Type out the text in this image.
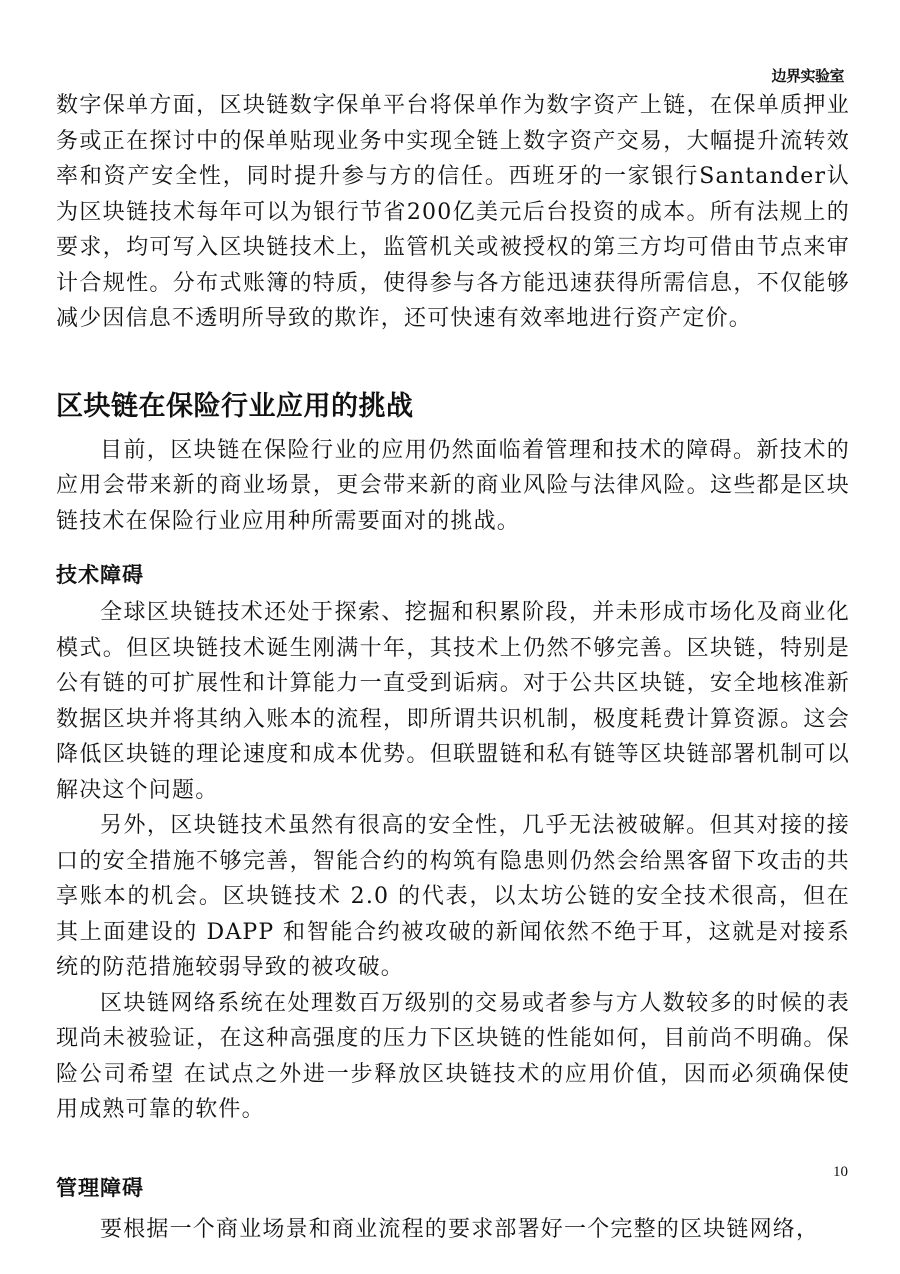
边界实验室

数字保单方面，区块链数字保单平台将保单作为数字资产上链，在保单质押业务或正在探讨中的保单贴现业务中实现全链上数字资产交易，大幅提升流转效率和资产安全性，同时提升参与方的信任。西班牙的一家银行Santander认为区块链技术每年可以为银行节省200亿美元后台投资的成本。所有法规上的要求，均可写入区块链技术上，监管机关或被授权的第三方均可借由节点来审计合规性。分布式账簿的特质，使得参与各方能迅速获得所需信息，不仅能够减少因信息不透明所导致的欺诈，还可快速有效率地进行资产定价。

区块链在保险行业应用的挑战

目前，区块链在保险行业的应用仍然面临着管理和技术的障碍。新技术的应用会带来新的商业场景，更会带来新的商业风险与法律风险。这些都是区块链技术在保险行业应用种所需要面对的挑战。

技术障碍

全球区块链技术还处于探索、挖掘和积累阶段，并未形成市场化及商业化模式。但区块链技术诞生刚满十年，其技术上仍然不够完善。区块链，特别是公有链的可扩展性和计算能力一直受到诟病。对于公共区块链，安全地核准新数据区块并将其纳入账本的流程，即所谓共识机制，极度耗费计算资源。这会降低区块链的理论速度和成本优势。但联盟链和私有链等区块链部署机制可以解决这个问题。

另外，区块链技术虽然有很高的安全性，几乎无法被破解。但其对接的接口的安全措施不够完善，智能合约的构筑有隐患则仍然会给黑客留下攻击的共享账本的机会。区块链技术 2.0 的代表，以太坊公链的安全技术很高，但在其上面建设的 DAPP 和智能合约被攻破的新闻依然不绝于耳，这就是对接系统的防范措施较弱导致的被攻破。

区块链网络系统在处理数百万级别的交易或者参与方人数较多的时候的表现尚未被验证，在这种高强度的压力下区块链的性能如何，目前尚不明确。保险公司希望 在试点之外进一步释放区块链技术的应用价值，因而必须确保使用成熟可靠的软件。

管理障碍

要根据一个商业场景和商业流程的要求部署好一个完整的区块链网络，

10
